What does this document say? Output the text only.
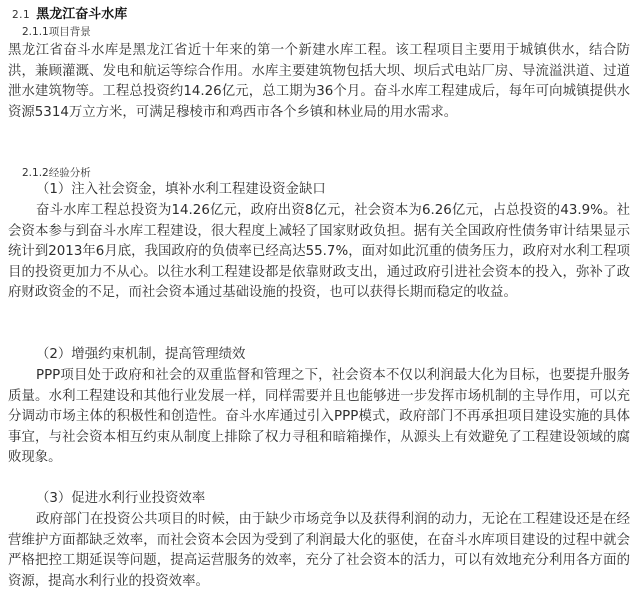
2.1 黑龙江奋斗水库
2.1.1项目背景

黑龙江省奋斗水库是黑龙江省近十年来的第一个新建水库工程。该工程项目主要用于城镇供水，结合防洪，兼顾灌溉、发电和航运等综合作用。水库主要建筑物包括大坝、坝后式电站厂房、导流溢洪道、过道泄水建筑物等。工程总投资约14.26亿元，总工期为36个月。奋斗水库工程建成后，每年可向城镇提供水资源5314万立方米，可满足穆棱市和鸡西市各个乡镇和林业局的用水需求。

2.1.2经验分析
（1）注入社会资金，填补水利工程建设资金缺口

奋斗水库工程总投资为14.26亿元，政府出资8亿元，社会资本为6.26亿元，占总投资的43.9%。社会资本参与到奋斗水库工程建设，很大程度上减轻了国家财政负担。据有关全国政府性债务审计结果显示统计到2013年6月底，我国政府的负债率已经高达55.7%，面对如此沉重的债务压力，政府对水利工程项目的投资更加力不从心。以往水利工程建设都是依靠财政支出，通过政府引进社会资本的投入，弥补了政府财政资金的不足，而社会资本通过基础设施的投资，也可以获得长期而稳定的收益。

（2）增强约束机制，提高管理绩效

PPP项目处于政府和社会的双重监督和管理之下，社会资本不仅以利润最大化为目标，也要提升服务质量。水利工程建设和其他行业发展一样，同样需要并且也能够进一步发挥市场机制的主导作用，可以充分调动市场主体的积极性和创造性。奋斗水库通过引入PPP模式，政府部门不再承担项目建设实施的具体事宜，与社会资本相互约束从制度上排除了权力寻租和暗箱操作，从源头上有效避免了工程建设领域的腐败现象。

（3）促进水利行业投资效率

政府部门在投资公共项目的时候，由于缺少市场竞争以及获得利润的动力，无论在工程建设还是在经营维护方面都缺乏效率，而社会资本会因为受到了利润最大化的驱使，在奋斗水库项目建设的过程中就会严格把控工期延误等问题，提高运营服务的效率，充分了社会资本的活力，可以有效地充分利用各方面的资源，提高水利行业的投资效率。
